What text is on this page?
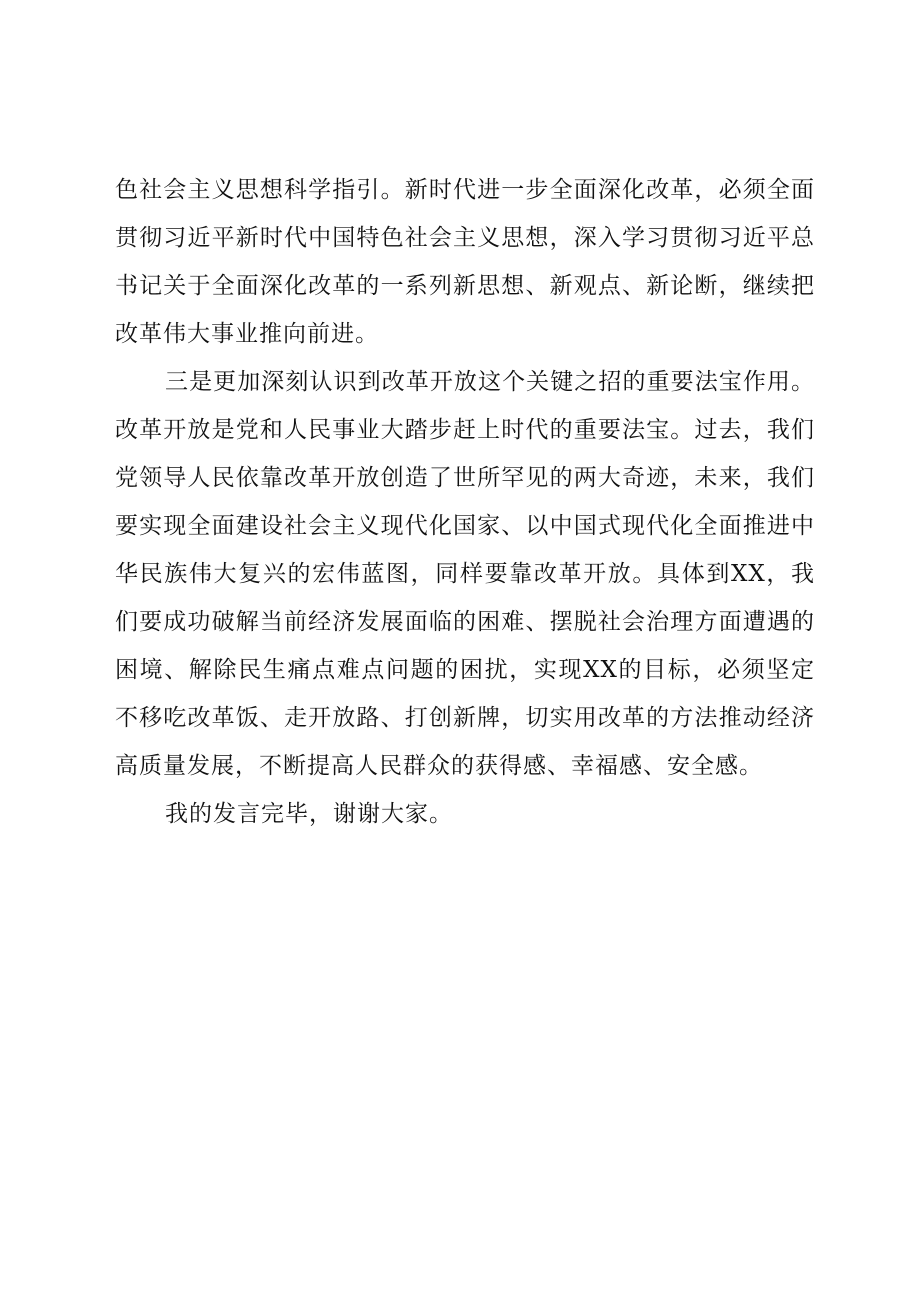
色社会主义思想科学指引。新时代进一步全面深化改革，必须全面贯彻习近平新时代中国特色社会主义思想，深入学习贯彻习近平总书记关于全面深化改革的一系列新思想、新观点、新论断，继续把改革伟大事业推向前进。

三是更加深刻认识到改革开放这个关键之招的重要法宝作用。改革开放是党和人民事业大踏步赶上时代的重要法宝。过去，我们党领导人民依靠改革开放创造了世所罕见的两大奇迹，未来，我们要实现全面建设社会主义现代化国家、以中国式现代化全面推进中华民族伟大复兴的宏伟蓝图，同样要靠改革开放。具体到XX，我们要成功破解当前经济发展面临的困难、摆脱社会治理方面遭遇的困境、解除民生痛点难点问题的困扰，实现XX的目标，必须坚定不移吃改革饭、走开放路、打创新牌，切实用改革的方法推动经济高质量发展，不断提高人民群众的获得感、幸福感、安全感。

我的发言完毕，谢谢大家。
